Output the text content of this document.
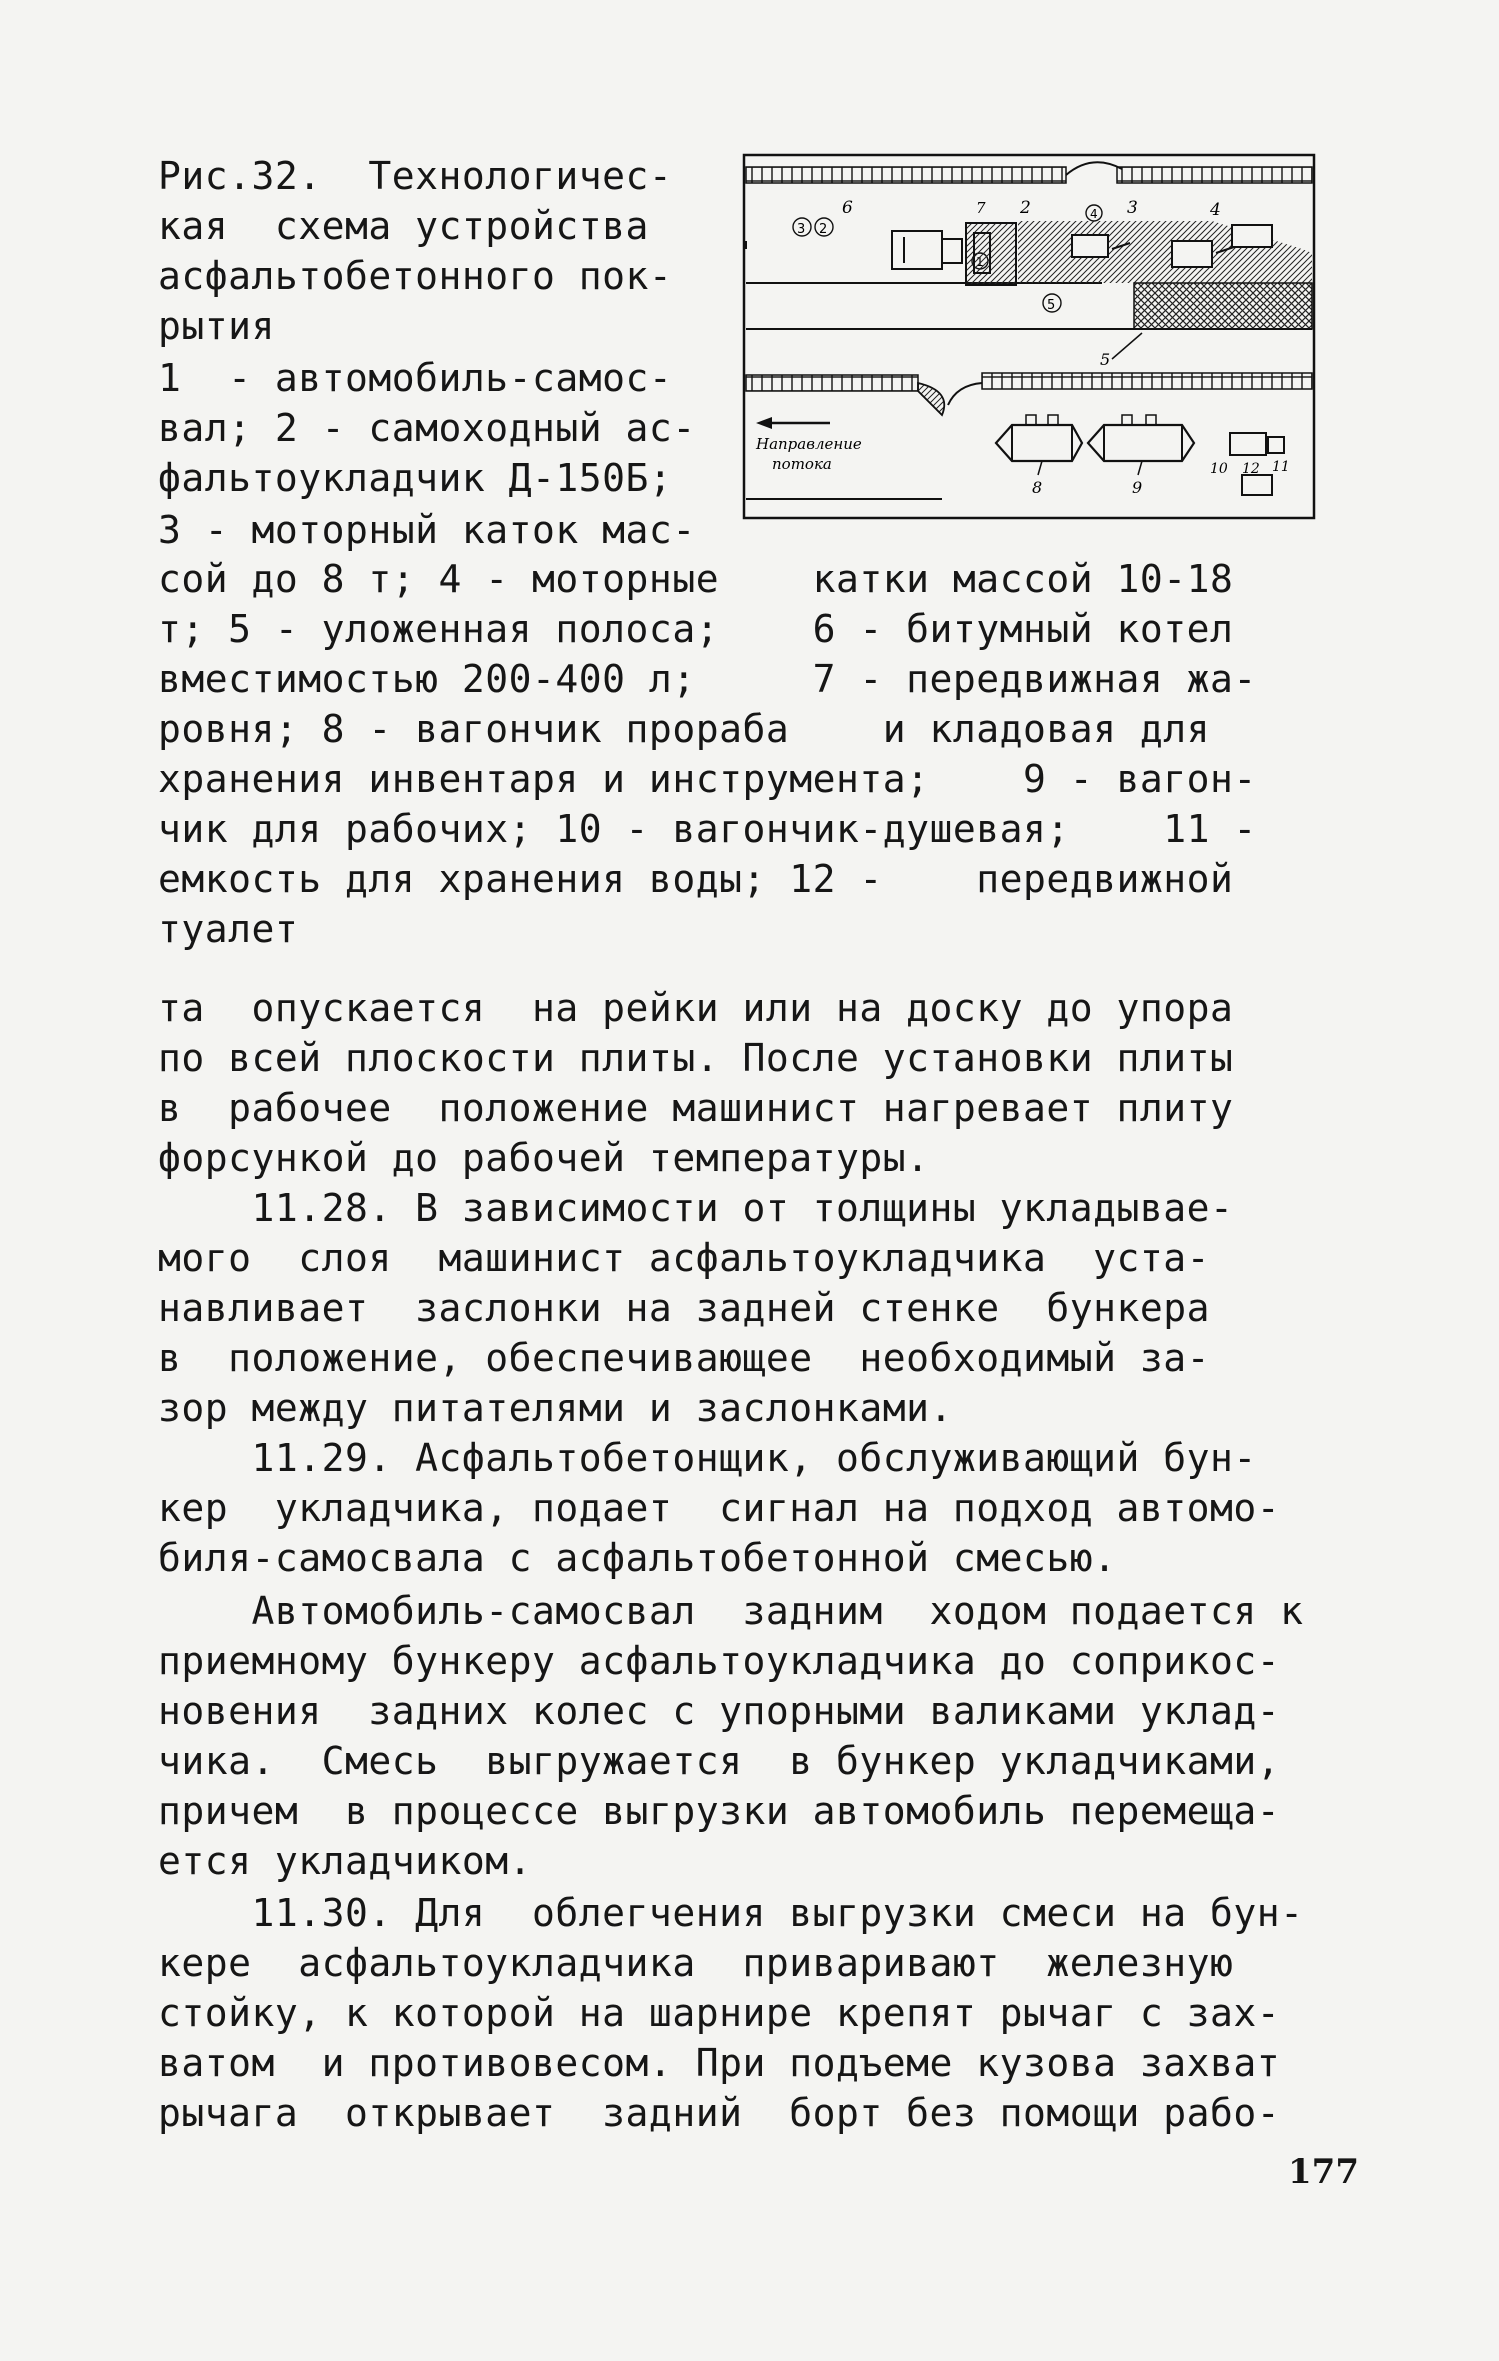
Рис.32.  Технологичес-
кая  схема устройства
асфальтобетонного пок-
рытия
1  - автомобиль-самос-
вал; 2 - самоходный ас-
фальтоукладчик Д-150Б;
3 - моторный каток мас-
сой до 8 т; 4 - моторные    катки массой 10-18
т; 5 - уложенная полоса;    6 - битумный котел
вместимостью 200-400 л;     7 - передвижная жа-
ровня; 8 - вагончик прораба    и кладовая для
хранения инвентаря и инструмента;    9 - вагон-
чик для рабочих; 10 - вагончик-душевая;    11 -
емкость для хранения воды; 12 -    передвижной
туалет
6	2	3	4
3 2
4
5
5
Направление
потока
8	9
10 12 11
7
та  опускается  на рейки или на доску до упора
по всей плоскости плиты. После установки плиты
в  рабочее  положение машинист нагревает плиту
форсункой до рабочей температуры.
11.28. В зависимости от толщины укладывае-
мого  слоя  машинист асфальтоукладчика  уста-
навливает  заслонки на задней стенке  бункера
в  положение, обеспечивающее  необходимый за-
зор между питателями и заслонками.
11.29. Асфальтобетонщик, обслуживающий бун-
кер  укладчика, подает  сигнал на подход автомо-
биля-самосвала с асфальтобетонной смесью.
Автомобиль-самосвал  задним  ходом подается к
приемному бункеру асфальтоукладчика до соприкос-
новения  задних колес с упорными валиками уклад-
чика.  Смесь  выгружается  в бункер укладчиками,
причем  в процессе выгрузки автомобиль перемеща-
ется укладчиком.
11.30. Для  облегчения выгрузки смеси на бун-
кере  асфальтоукладчика  приваривают  железную
стойку, к которой на шарнире крепят рычаг с зах-
ватом  и противовесом. При подъеме кузова захват
рычага  открывает  задний  борт без помощи рабо-
177
